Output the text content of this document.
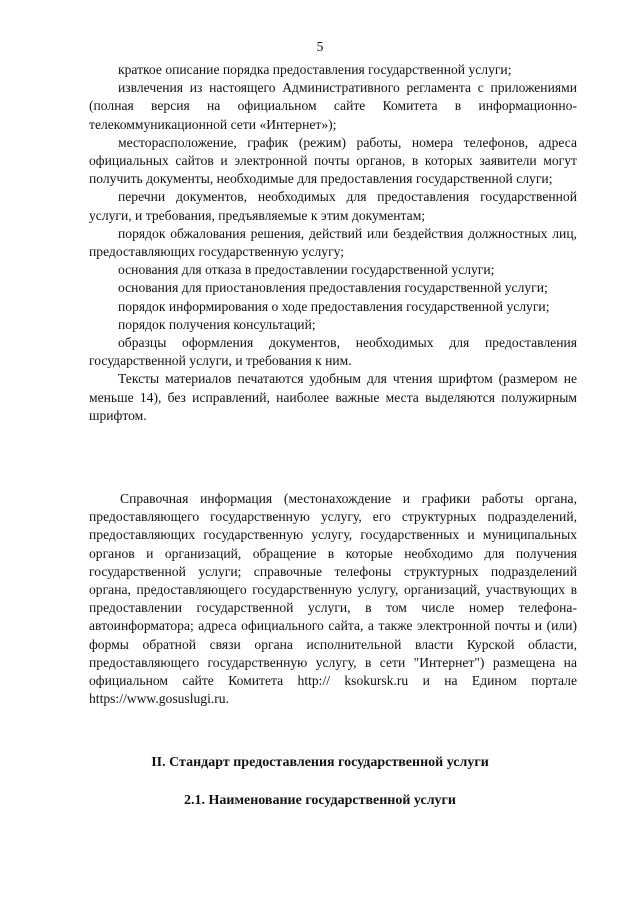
5

краткое описание порядка предоставления государственной услуги;

извлечения из настоящего Административного регламента с приложениями (полная версия на официальном сайте Комитета в информационно-телекоммуникационной сети «Интернет»);

месторасположение, график (режим) работы, номера телефонов, адреса официальных сайтов и электронной почты органов, в которых заявители могут получить документы, необходимые для предоставления государственной слуги;

перечни документов, необходимых для предоставления государственной услуги, и требования, предъявляемые к этим документам;

порядок обжалования решения, действий или бездействия должностных лиц, предоставляющих государственную услугу;

основания для отказа в предоставлении государственной услуги;

основания для приостановления предоставления государственной услуги;

порядок информирования о ходе предоставления государственной услуги;

порядок получения консультаций;

образцы оформления документов, необходимых для предоставления государственной услуги, и требования к ним.

Тексты материалов печатаются удобным для чтения шрифтом (размером не меньше 14), без исправлений, наиболее важные места выделяются полужирным шрифтом.

Справочная информация (местонахождение и графики работы органа, предоставляющего государственную услугу, его структурных подразделений, предоставляющих государственную услугу, государственных и муниципальных органов и организаций, обращение в которые необходимо для получения государственной услуги; справочные телефоны структурных подразделений органа, предоставляющего государственную услугу, организаций, участвующих в предоставлении государственной услуги, в том числе номер телефона-автоинформатора; адреса официального сайта, а также электронной почты и (или) формы обратной связи органа исполнительной власти Курской области, предоставляющего государственную услугу, в сети "Интернет") размещена на официальном сайте Комитета http:// ksokursk.ru и на Едином портале https://www.gosuslugi.ru.

II. Стандарт предоставления государственной услуги
2.1. Наименование государственной услуги
